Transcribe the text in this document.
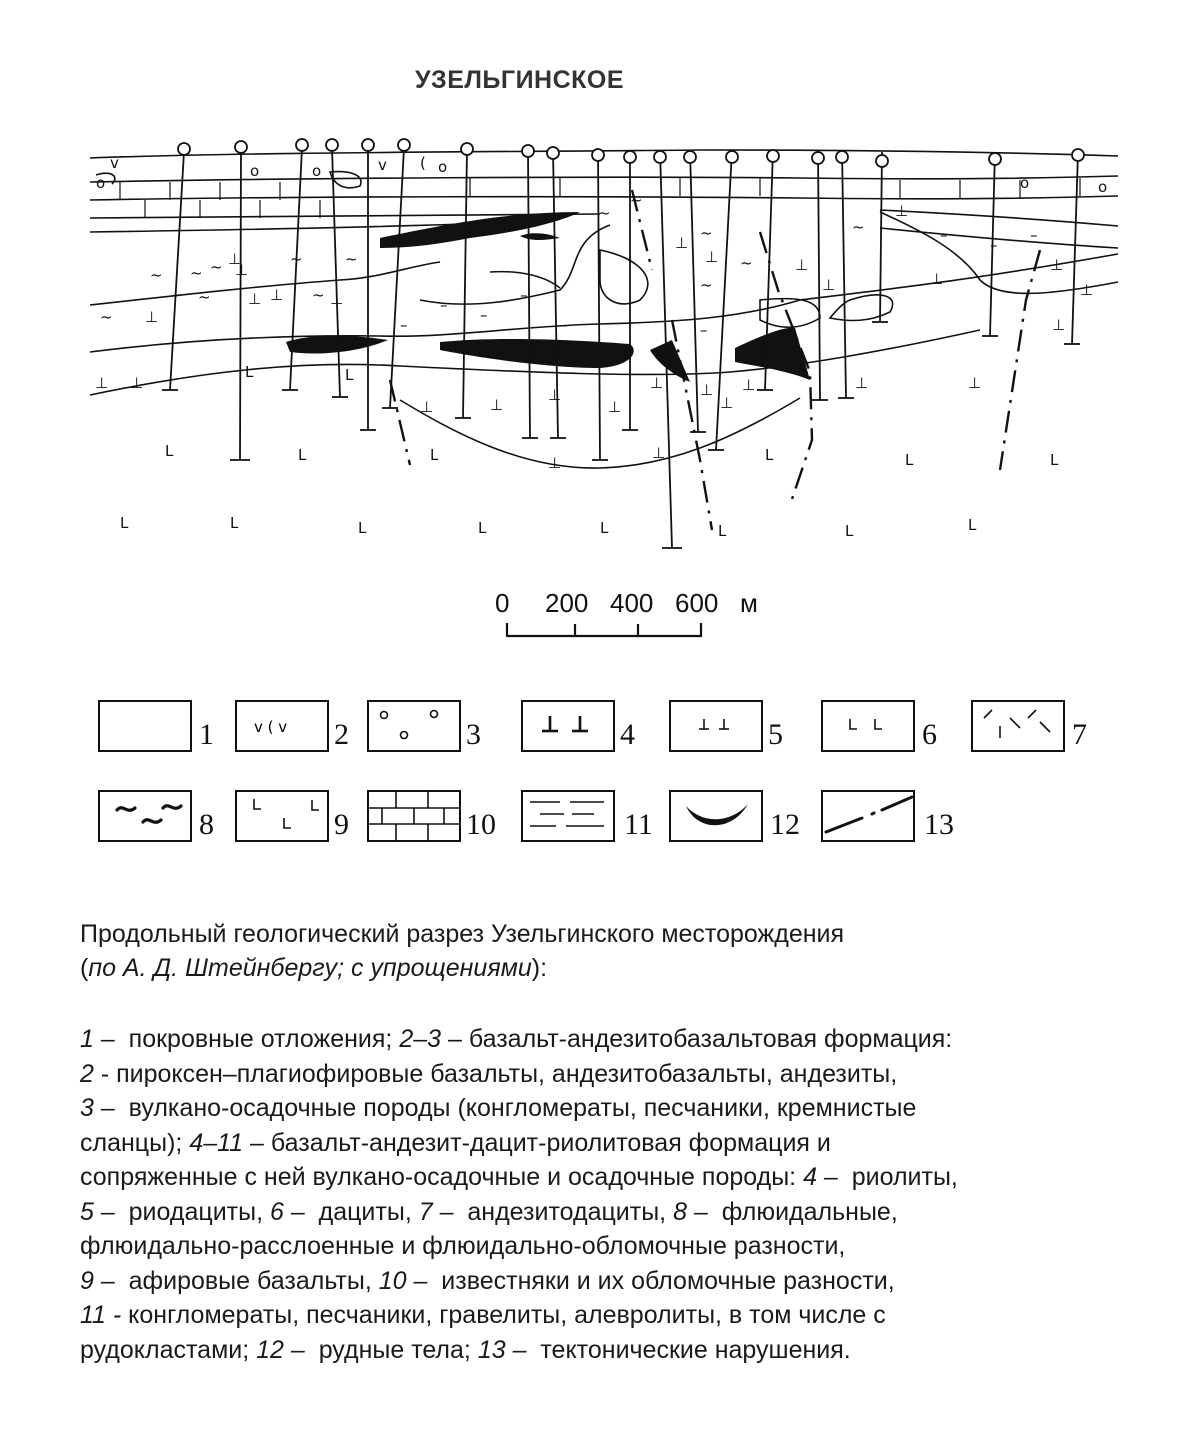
УЗЕЛЬГИНСКОЕ
L	L	L	L	L	L
L	L	L	L	L	L	L	L
L	L
o
o	o	o
o	o
v	v (
~
~	~	~	~
~
~	~
~
~
~
~
~
~
⊥ ⊥
⊥
⊥
⊥
⊥
⊥
⊥
⊥	⊥
⊥
⊥
⊥
⊥
⊥	⊥
⊥
⊥
⊥
⊥	⊥
⊥	⊥
⊥
⊥
⊥
⊥
⊥
⊥
–
–
–
–
–
–
–
–
–
0 200 400 600 м
1	v ( v 2	3	4	5	6	7
8	9	10	11	12	13
Продольный геологический разрез Узельгинского месторождения
(по А. Д. Штейнбергу; с упрощениями):
1 –  покровные отложения; 2–3 – базальт-андезитобазальтовая формация:
2 - пироксен–плагиофировые базальты, андезитобазальты, андезиты,
3 –  вулкано-осадочные породы (конгломераты, песчаники, кремнистые
сланцы); 4–11 – базальт-андезит-дацит-риолитовая формация и
сопряженные с ней вулкано-осадочные и осадочные породы: 4 –  риолиты,
5 –  риодациты, 6 –  дациты, 7 –  андезитодациты, 8 –  флюидальные,
флюидально-расслоенные и флюидально-обломочные разности,
9 –  афировые базальты, 10 –  известняки и их обломочные разности,
11 - конгломераты, песчаники, гравелиты, алевролиты, в том числе с
рудокластами; 12 –  рудные тела; 13 –  тектонические нарушения.
